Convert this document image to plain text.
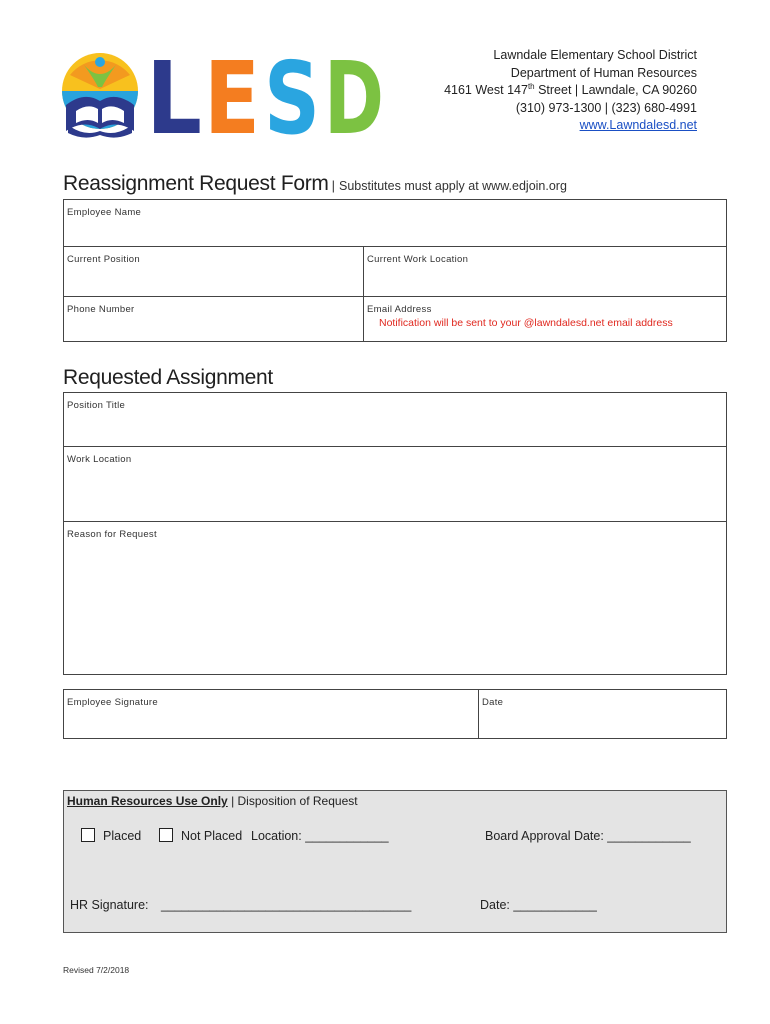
L E S D	Lawndale Elementary School District
Department of Human Resources
4161 West 147th Street | Lawndale, CA 90260
(310) 973-1300 | (323) 680-4991
www.Lawndalesd.net
Reassignment Request Form | Substitutes must apply at www.edjoin.org
Employee Name
Current Position	Current Work Location
Phone Number	Email Address
Notification will be sent to your @lawndalesd.net email address
Requested Assignment
Position Title
Work Location
Reason for Request
Employee Signature	Date
Human Resources Use Only | Disposition of Request
Placed	Not Placed Location: ____________	Board Approval Date: ____________
HR Signature: ____________________________________	Date: ____________
Revised 7/2/2018
